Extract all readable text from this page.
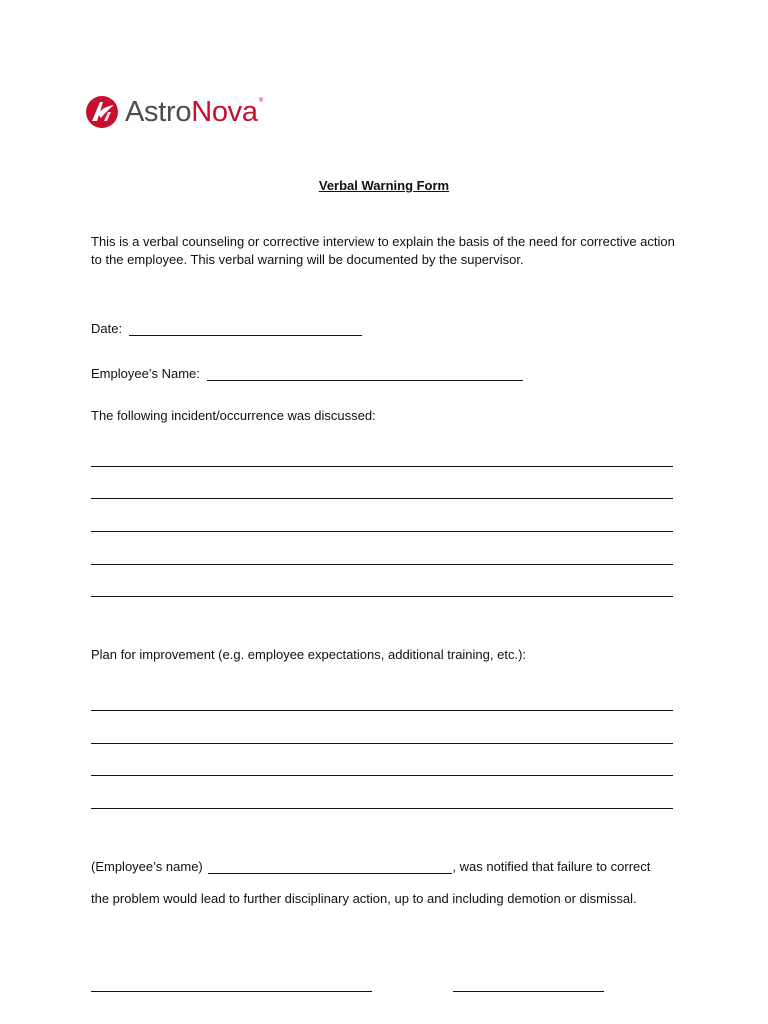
AstroNova®
Verbal Warning Form
This is a verbal counseling or corrective interview to explain the basis of the need for corrective action to the employee. This verbal warning will be documented by the supervisor.
Date:
Employee’s Name:
The following incident/occurrence was discussed:
Plan for improvement (e.g. employee expectations, additional training, etc.):
(Employee’s name)	, was notified that failure to correct
the problem would lead to further disciplinary action, up to and including demotion or dismissal.
